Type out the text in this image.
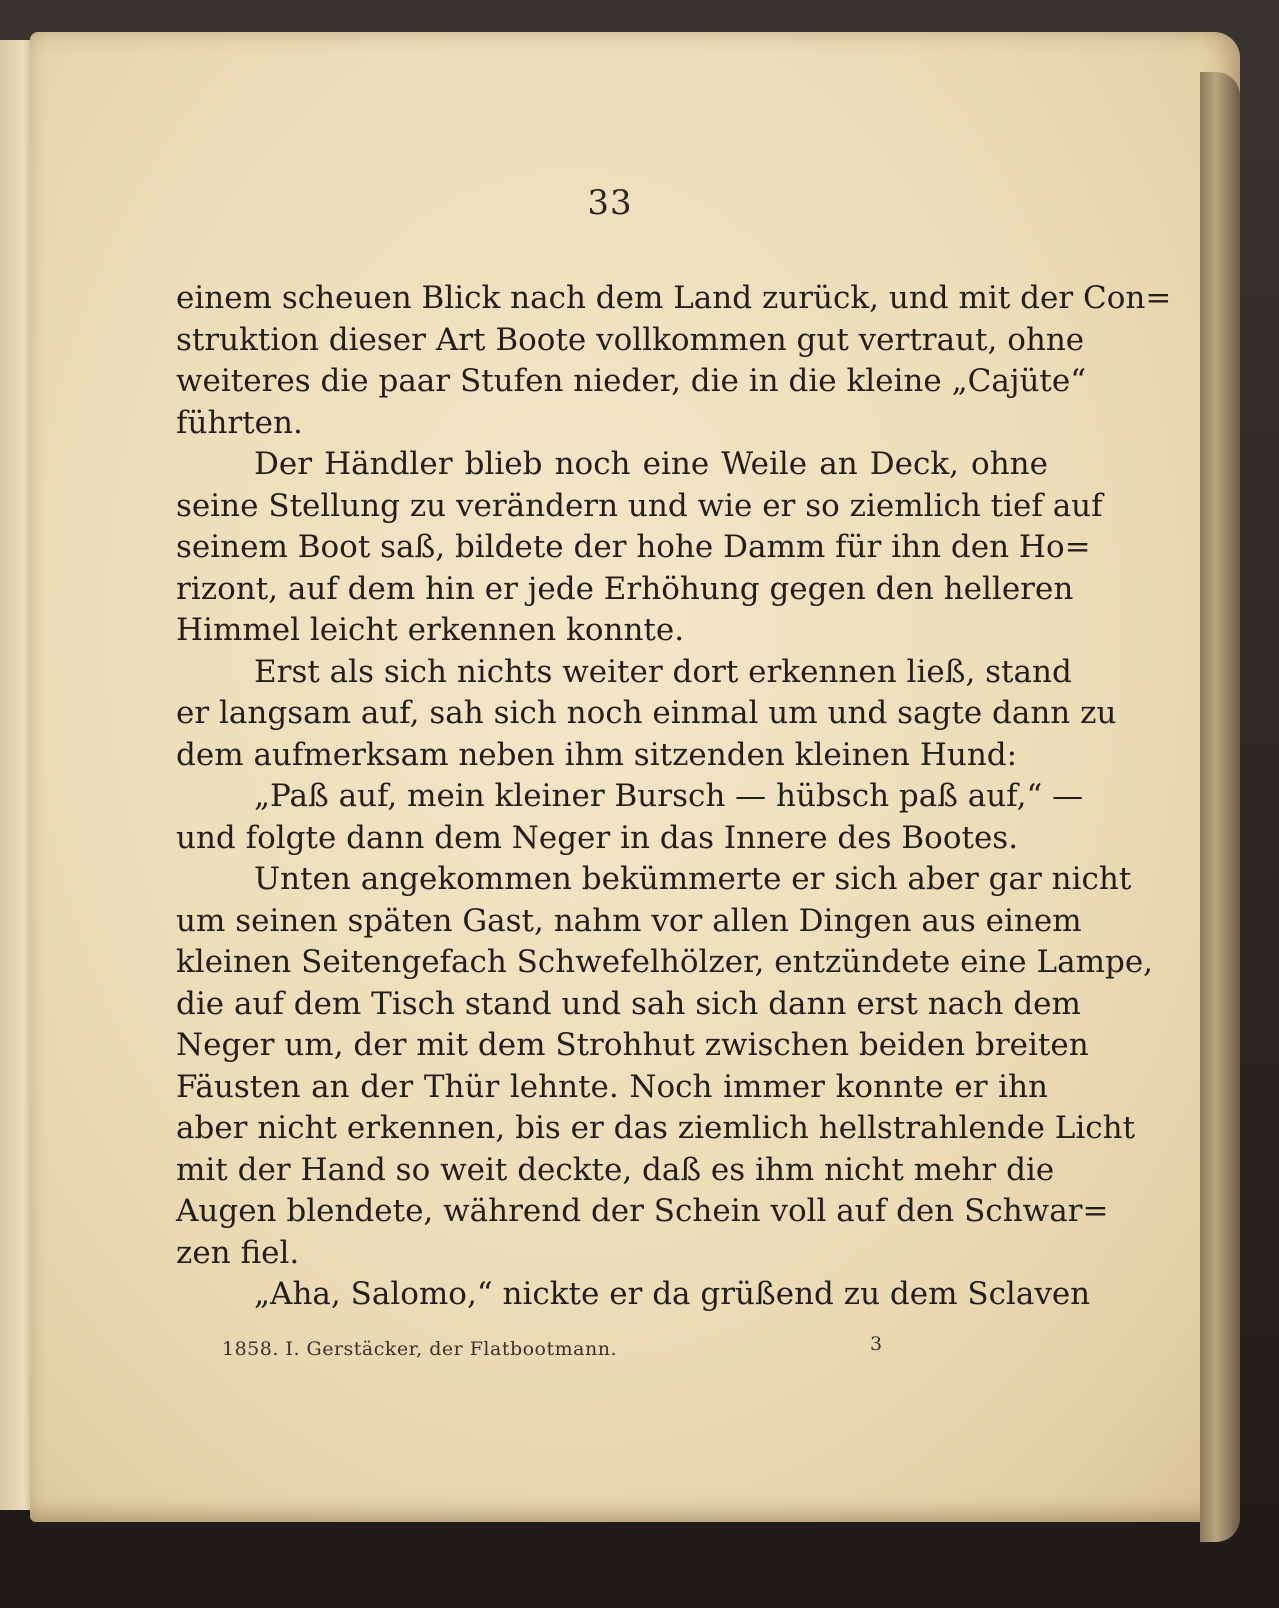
33
einem scheuen Blick nach dem Land zurück, und mit der Con=
struktion dieser Art Boote vollkommen gut vertraut, ohne
weiteres die paar Stufen nieder, die in die kleine „Cajüte“
führten.
Der Händler blieb noch eine Weile an Deck, ohne
seine Stellung zu verändern und wie er so ziemlich tief auf
seinem Boot saß, bildete der hohe Damm für ihn den Ho=
rizont, auf dem hin er jede Erhöhung gegen den helleren
Himmel leicht erkennen konnte.
Erst als sich nichts weiter dort erkennen ließ, stand
er langsam auf, sah sich noch einmal um und sagte dann zu
dem aufmerksam neben ihm sitzenden kleinen Hund:
„Paß auf, mein kleiner Bursch — hübsch paß auf,“ —
und folgte dann dem Neger in das Innere des Bootes.
Unten angekommen bekümmerte er sich aber gar nicht
um seinen späten Gast, nahm vor allen Dingen aus einem
kleinen Seitengefach Schwefelhölzer, entzündete eine Lampe,
die auf dem Tisch stand und sah sich dann erst nach dem
Neger um, der mit dem Strohhut zwischen beiden breiten
Fäusten an der Thür lehnte. Noch immer konnte er ihn
aber nicht erkennen, bis er das ziemlich hellstrahlende Licht
mit der Hand so weit deckte, daß es ihm nicht mehr die
Augen blendete, während der Schein voll auf den Schwar=
zen fiel.
„Aha, Salomo,“ nickte er da grüßend zu dem Sclaven
1858. I. Gerstäcker, der Flatbootmann.	3
